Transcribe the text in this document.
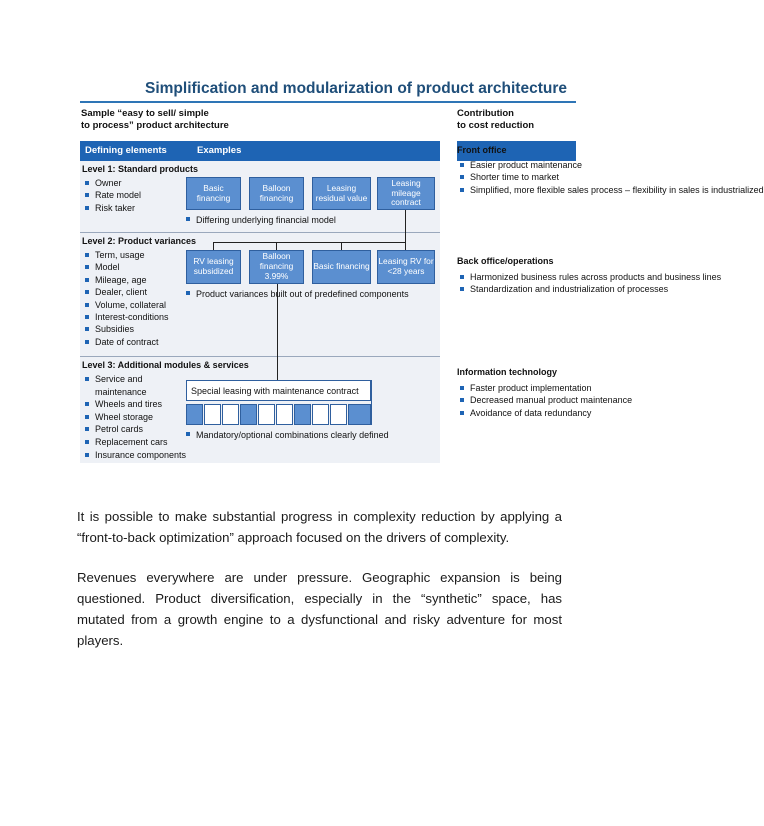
Simplification and modularization of product architecture
Sample “easy to sell/ simple
to process” product architecture
Contribution
to cost reduction
Defining elements	Examples
Level 1: Standard products
Owner
Rate model
Risk taker
Basic financing
Balloon financing
Leasing residual value
Leasing mileage contract
Differing underlying financial model
Level 2: Product variances
Term, usage
Model
Mileage, age
Dealer, client
Volume, collateral
Interest-conditions
Subsidies
Date of contract
RV leasing subsidized
Balloon financing 3.99%
Basic financing Leasing RV for <28 years
Product variances built out of predefined components
Level 3: Additional modules & services
Service and maintenance
Wheels and tires
Wheel storage
Petrol cards
Replacement cars
Insurance components
Special leasing with maintenance contract
Mandatory/optional combinations clearly defined
Front office
Easier product maintenance
Shorter time to market
Simplified, more flexible sales process – flexibility in sales is industrialized
Back office/operations
Harmonized business rules across products and business lines
Standardization and industrialization of processes
Information technology
Faster product implementation
Decreased manual product maintenance
Avoidance of data redundancy
It is possible to make substantial progress in complexity reduction by applying a “front-to-back optimization” approach focused on the drivers of complexity.
Revenues everywhere are under pressure. Geographic expansion is being questioned. Product diversification, especially in the “synthetic” space, has mutated from a growth engine to a dysfunctional and risky adventure for most players.
